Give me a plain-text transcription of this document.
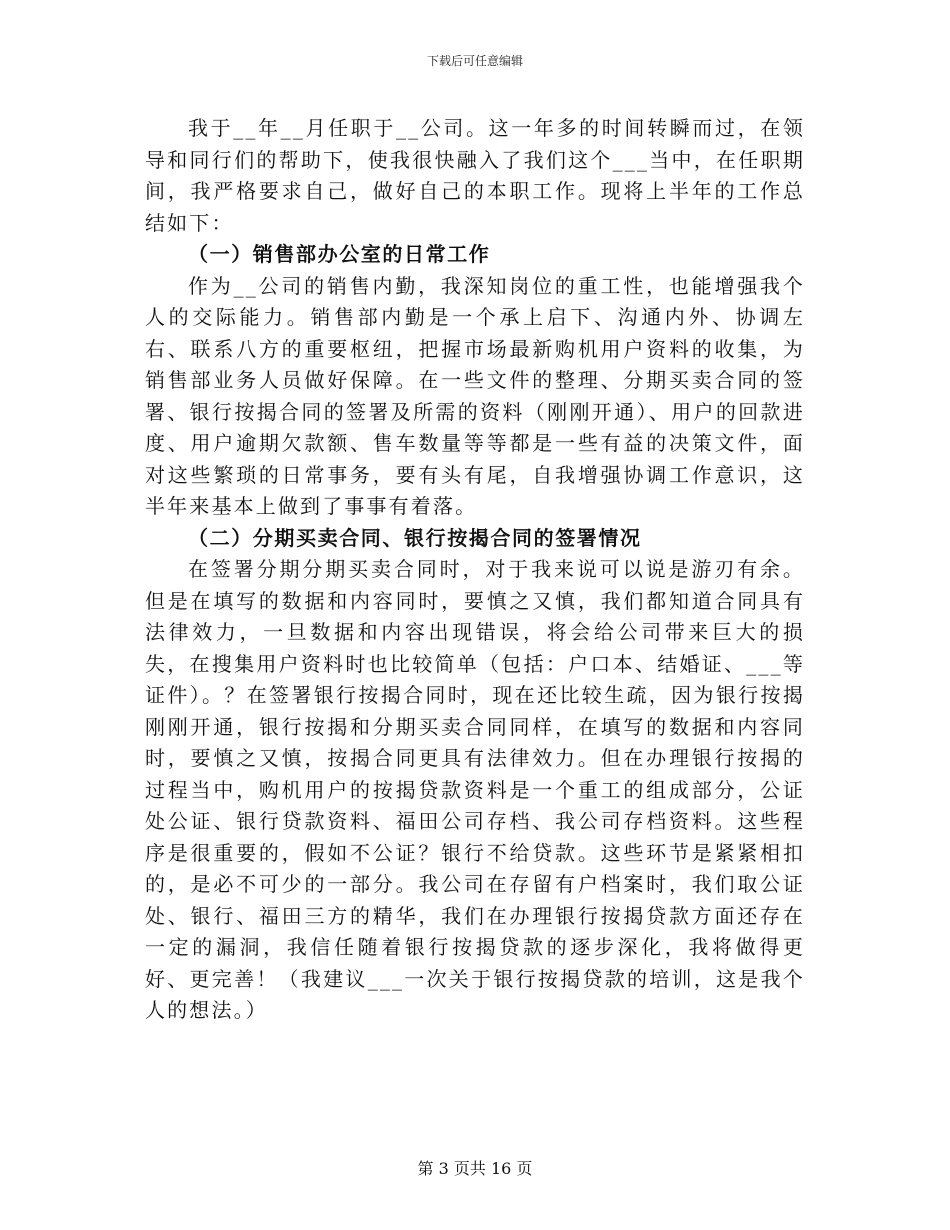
下载后可任意编辑

我于__年__月任职于__公司。这一年多的时间转瞬而过，在领导和同行们的帮助下，使我很快融入了我们这个___当中，在任职期间，我严格要求自己，做好自己的本职工作。现将上半年的工作总结如下：

（一）销售部办公室的日常工作

作为__公司的销售内勤，我深知岗位的重工性，也能增强我个人的交际能力。销售部内勤是一个承上启下、沟通内外、协调左右、联系八方的重要枢纽，把握市场最新购机用户资料的收集，为销售部业务人员做好保障。在一些文件的整理、分期买卖合同的签署、银行按揭合同的签署及所需的资料（刚刚开通）、用户的回款进度、用户逾期欠款额、售车数量等等都是一些有益的决策文件，面对这些繁琐的日常事务，要有头有尾，自我增强协调工作意识，这半年来基本上做到了事事有着落。

（二）分期买卖合同、银行按揭合同的签署情况

在签署分期分期买卖合同时，对于我来说可以说是游刃有余。但是在填写的数据和内容同时，要慎之又慎，我们都知道合同具有法律效力，一旦数据和内容出现错误，将会给公司带来巨大的损失，在搜集用户资料时也比较简单（包括：户口本、结婚证、___等证件）。？在签署银行按揭合同时，现在还比较生疏，因为银行按揭刚刚开通，银行按揭和分期买卖合同同样，在填写的数据和内容同时，要慎之又慎，按揭合同更具有法律效力。但在办理银行按揭的过程当中，购机用户的按揭贷款资料是一个重工的组成部分，公证处公证、银行贷款资料、福田公司存档、我公司存档资料。这些程序是很重要的，假如不公证？银行不给贷款。这些环节是紧紧相扣的，是必不可少的一部分。我公司在存留有户档案时，我们取公证处、银行、福田三方的精华，我们在办理银行按揭贷款方面还存在一定的漏洞，我信任随着银行按揭贷款的逐步深化，我将做得更好、更完善！（我建议___一次关于银行按揭贷款的培训，这是我个人的想法。）

第 3 页共 16 页
